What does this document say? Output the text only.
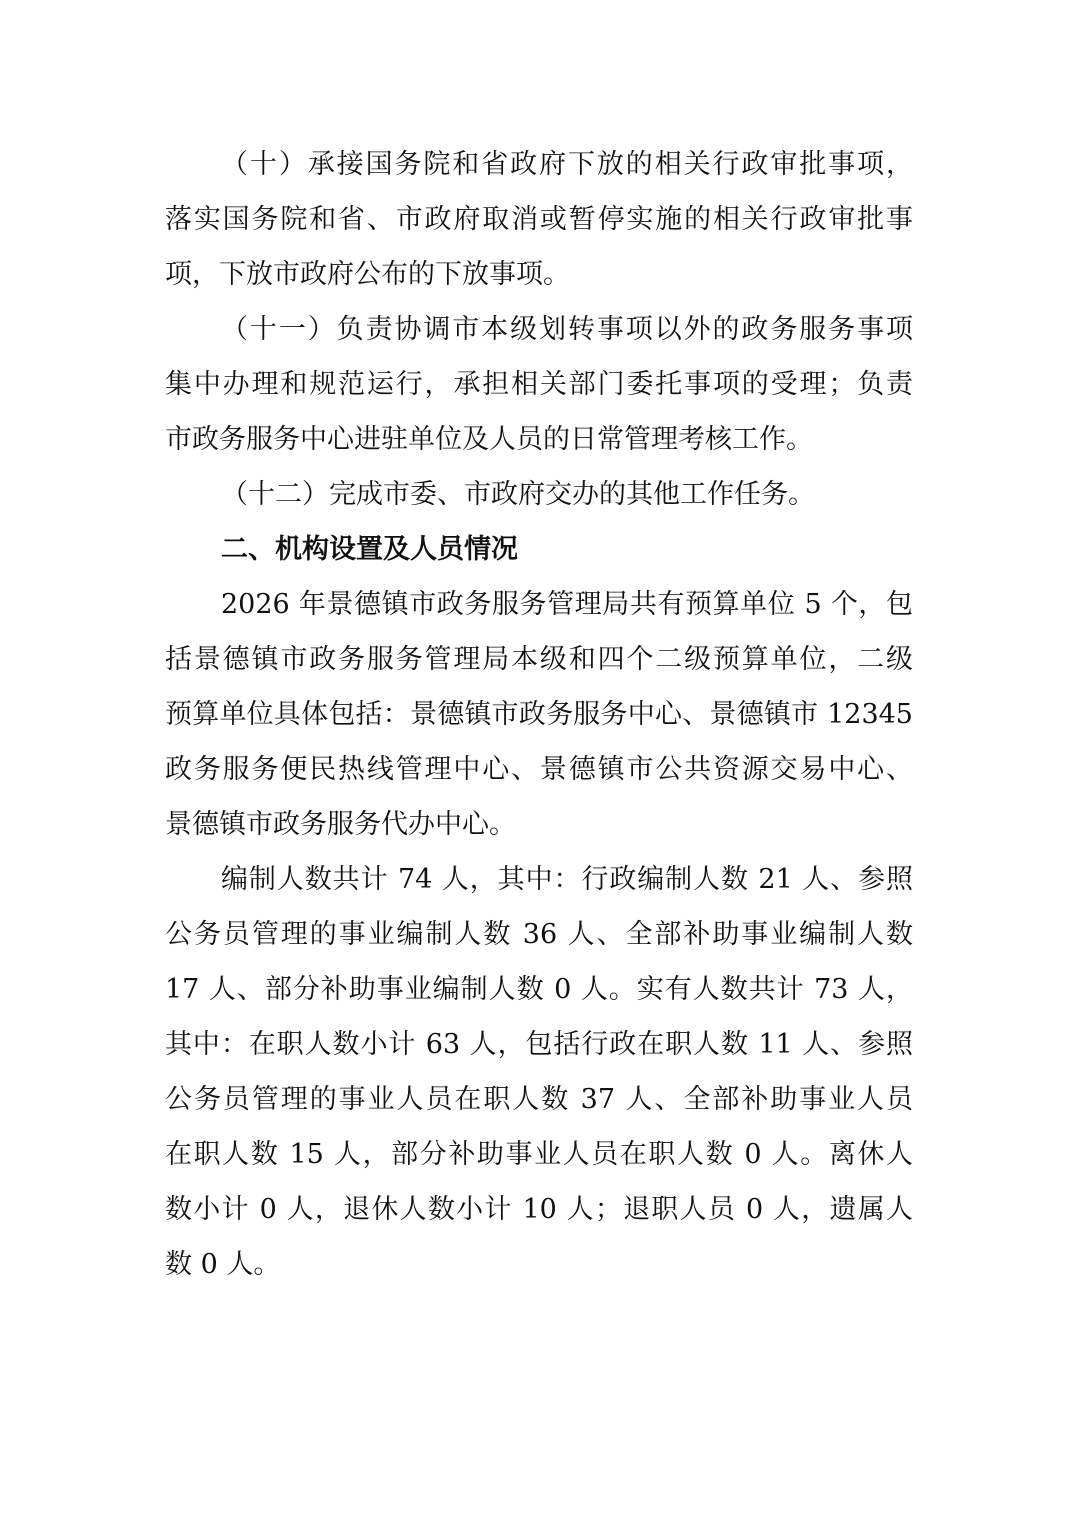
（十）承接国务院和省政府下放的相关行政审批事项，
落实国务院和省、市政府取消或暂停实施的相关行政审批事
项，下放市政府公布的下放事项。
（十一）负责协调市本级划转事项以外的政务服务事项
集中办理和规范运行，承担相关部门委托事项的受理；负责
市政务服务中心进驻单位及人员的日常管理考核工作。
（十二）完成市委、市政府交办的其他工作任务。
二、机构设置及人员情况
2026 年景德镇市政务服务管理局共有预算单位 5 个，包
括景德镇市政务服务管理局本级和四个二级预算单位，二级
预算单位具体包括：景德镇市政务服务中心、景德镇市 12345
政务服务便民热线管理中心、景德镇市公共资源交易中心、
景德镇市政务服务代办中心。
编制人数共计 74 人，其中：行政编制人数 21 人、参照
公务员管理的事业编制人数 36 人、全部补助事业编制人数
17 人、部分补助事业编制人数 0 人。实有人数共计 73 人，
其中：在职人数小计 63 人，包括行政在职人数 11 人、参照
公务员管理的事业人员在职人数 37 人、全部补助事业人员
在职人数 15 人，部分补助事业人员在职人数 0 人。离休人
数小计 0 人，退休人数小计 10 人；退职人员 0 人，遗属人
数 0 人。
